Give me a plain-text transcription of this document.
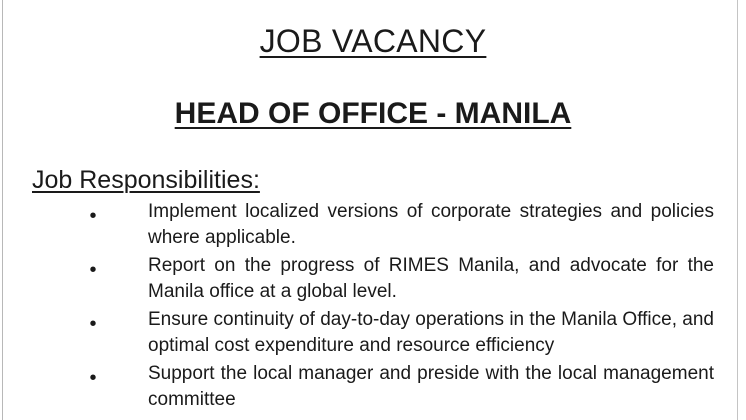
JOB VACANCY
HEAD OF OFFICE - MANILA
Job Responsibilities:
•	Implement localized versions of corporate strategies and policies where applicable.
•	Report on the progress of RIMES Manila, and advocate for the Manila office at a global level.
•	Ensure continuity of day-to-day operations in the Manila Office, and optimal cost expenditure and resource efficiency
•	Support the local manager and preside with the local management committee
